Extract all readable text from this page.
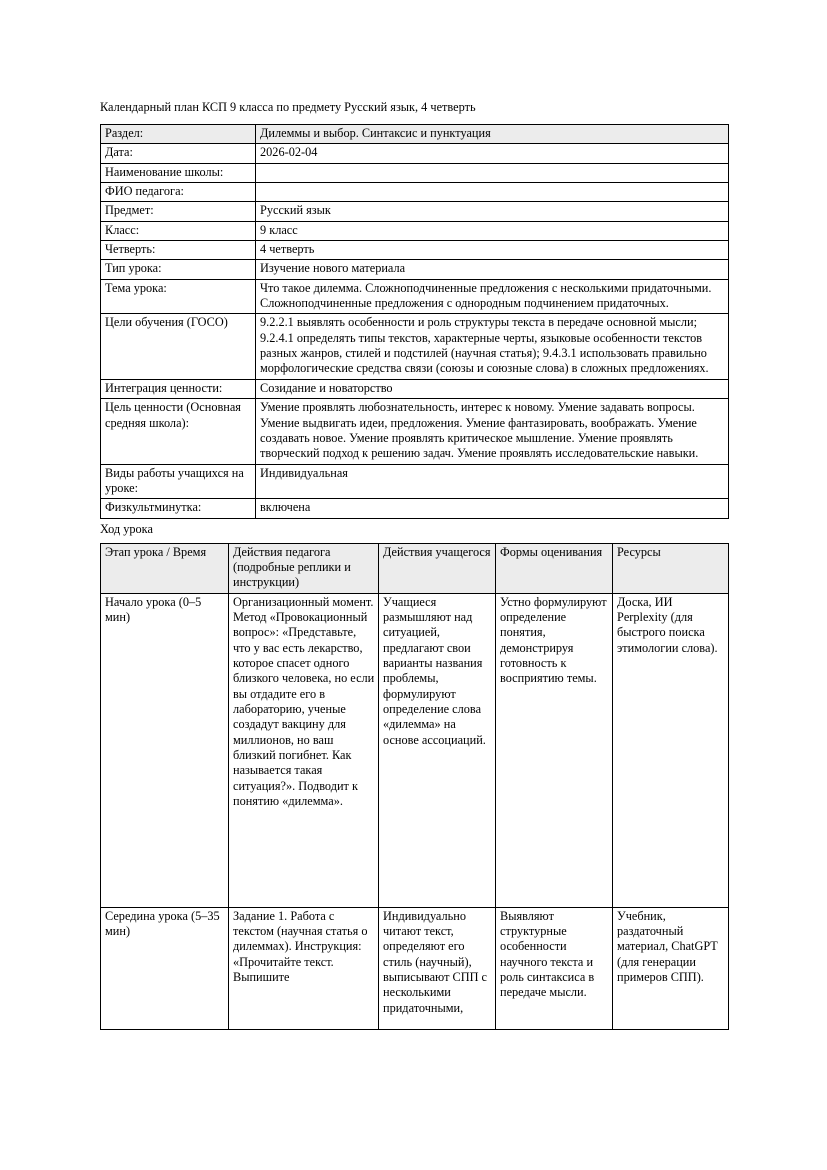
Календарный план КСП 9 класса по предмету Русский язык, 4 четверть
Раздел:	Дилеммы и выбор. Синтаксис и пунктуация
Дата:	2026-02-04
Наименование школы:	
ФИО педагога:	
Предмет:	Русский язык
Класс:	9 класс
Четверть:	4 четверть
Тип урока:	Изучение нового материала
Тема урока:	Что такое дилемма. Сложноподчиненные предложения с несколькими придаточными. Сложноподчиненные предложения с однородным подчинением придаточных.
Цели обучения (ГОСО)	9.2.2.1 выявлять особенности и роль структуры текста в передаче основной мысли; 9.2.4.1 определять типы текстов, характерные черты, языковые особенности текстов разных жанров, стилей и подстилей (научная статья); 9.4.3.1 использовать правильно морфологические средства связи (союзы и союзные слова) в сложных предложениях.
Интеграция ценности:	Созидание и новаторство
Цель ценности (Основная средняя школа):	Умение проявлять любознательность, интерес к новому. Умение задавать вопросы. Умение выдвигать идеи, предложения. Умение фантазировать, воображать. Умение создавать новое. Умение проявлять критическое мышление. Умение проявлять творческий подход к решению задач. Умение проявлять исследовательские навыки.
Виды работы учащихся на уроке:	Индивидуальная
Физкультминутка:	включена
Ход урока
Этап урока / Время	Действия педагога (подробные реплики и инструкции)	Действия учащегося	Формы оценивания	Ресурсы
Начало урока (0–5 мин)	Организационный момент. Метод «Провокационный вопрос»: «Представьте, что у вас есть лекарство, которое спасет одного близкого человека, но если вы отдадите его в лабораторию, ученые создадут вакцину для миллионов, но ваш близкий погибнет. Как называется такая ситуация?». Подводит к понятию «дилемма».	Учащиеся размышляют над ситуацией, предлагают свои варианты названия проблемы, формулируют определение слова «дилемма» на основе ассоциаций.	Устно формулируют определение понятия, демонстрируя готовность к восприятию темы.	Доска, ИИ Perplexity (для быстрого поиска этимологии слова).
Середина урока (5–35 мин)	Задание 1. Работа с текстом (научная статья о дилеммах). Инструкция: «Прочитайте текст. Выпишите	Индивидуально читают текст, определяют его стиль (научный), выписывают СПП с несколькими придаточными,	Выявляют структурные особенности научного текста и роль синтаксиса в передаче мысли.	Учебник, раздаточный материал, ChatGPT (для генерации примеров СПП).
